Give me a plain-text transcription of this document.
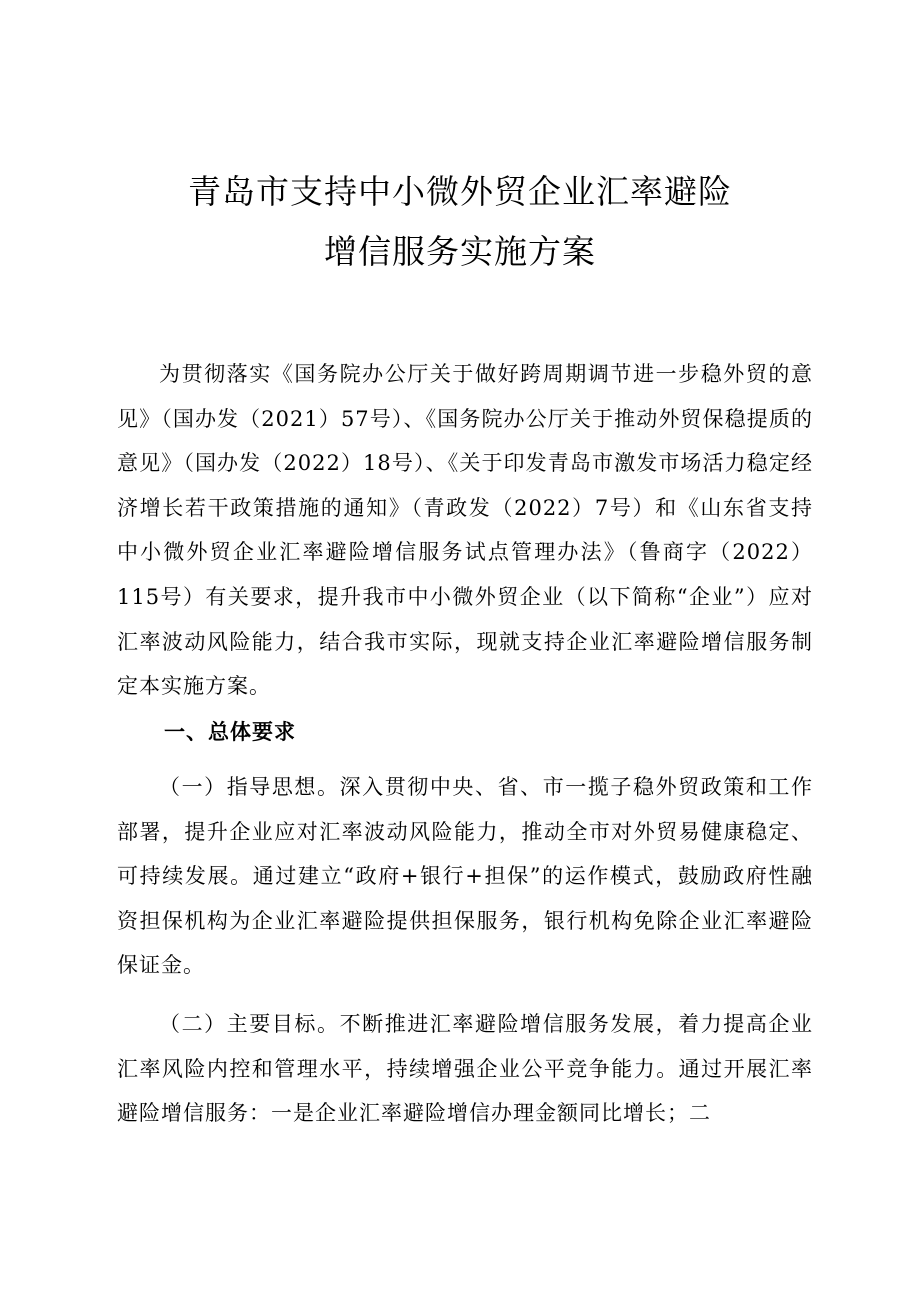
青岛市支持中小微外贸企业汇率避险
增信服务实施方案

为贯彻落实《国务院办公厅关于做好跨周期调节进一步稳外贸的意见》（国办发（2021）57号）、《国务院办公厅关于推动外贸保稳提质的意见》（国办发（2022）18号）、《关于印发青岛市激发市场活力稳定经济增长若干政策措施的通知》（青政发（2022）7号）和《山东省支持中小微外贸企业汇率避险增信服务试点管理办法》（鲁商字（2022）115号）有关要求，提升我市中小微外贸企业（以下简称“企业”）应对汇率波动风险能力，结合我市实际，现就支持企业汇率避险增信服务制定本实施方案。

一、总体要求

（一）指导思想。深入贯彻中央、省、市一揽子稳外贸政策和工作部署，提升企业应对汇率波动风险能力，推动全市对外贸易健康稳定、可持续发展。通过建立“政府+银行+担保”的运作模式，鼓励政府性融资担保机构为企业汇率避险提供担保服务，银行机构免除企业汇率避险保证金。

（二）主要目标。不断推进汇率避险增信服务发展，着力提高企业汇率风险内控和管理水平，持续增强企业公平竞争能力。通过开展汇率避险增信服务：一是企业汇率避险增信办理金额同比增长；二
